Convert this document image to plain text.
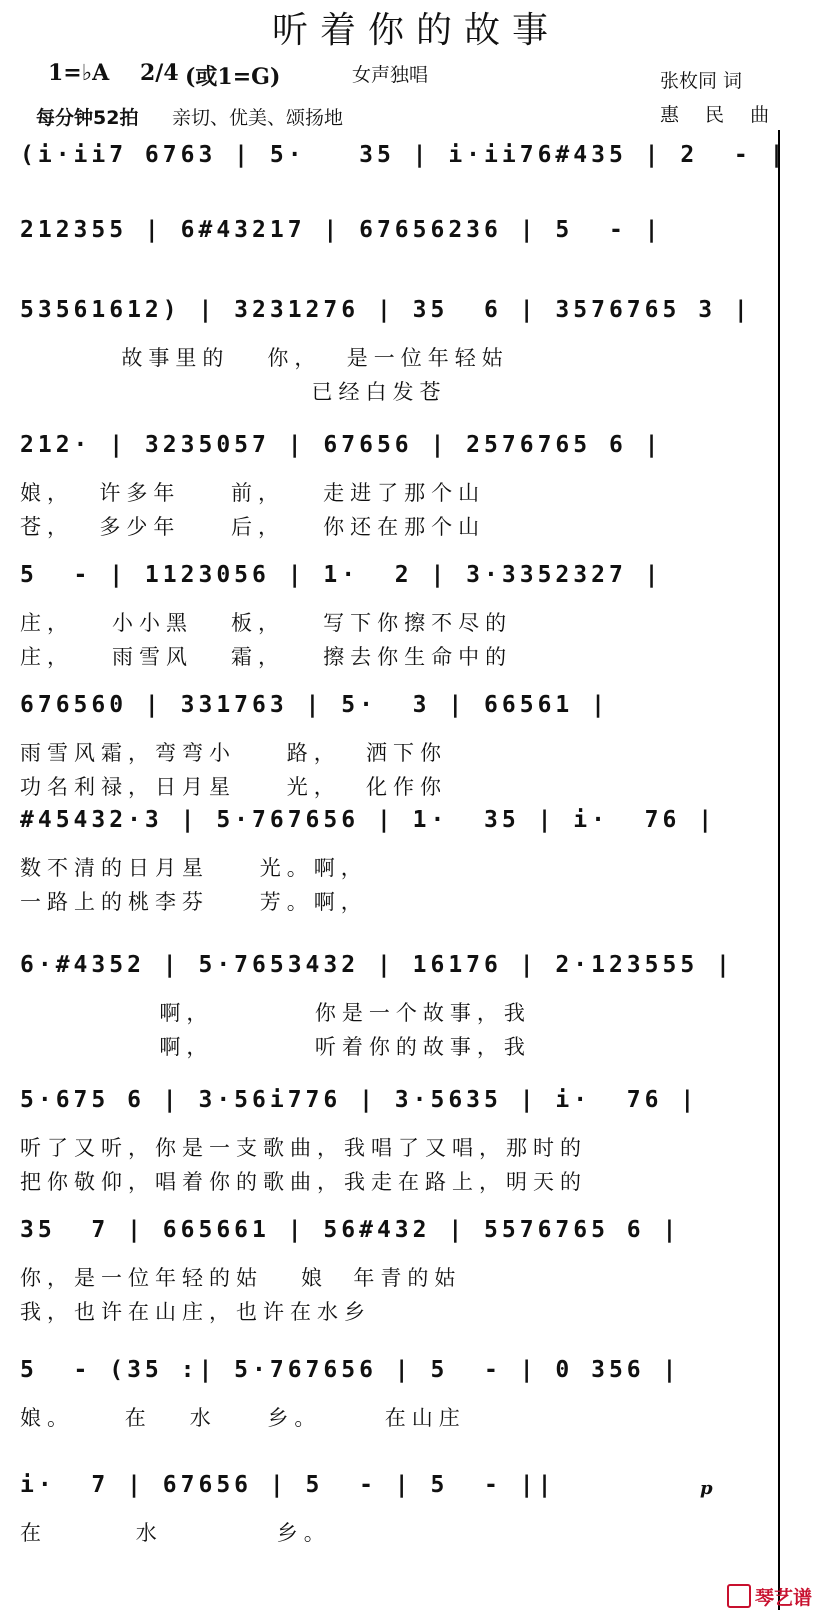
听着你的故事
1=♭A 2/4 (或1=G)	女声独唱	张枚同 词
每分钟52拍 亲切、优美、颂扬地	惠 民 曲
(i·ii7 6763 | 5·   35 | i·ii76#435 | 2  - |
212355 | 6#43217 | 67656236 | 5  - |
53561612) | 3231276 | 35  6 | 3576765 3 |
故事里的   你，  是一位年轻姑
已经白发苍
212· | 3235057 | 67656 | 2576765 6 |
娘，  许多年    前，   走进了那个山
苍，  多少年    后，   你还在那个山
5  - | 1123056 | 1·  2 | 3·3352327 |
庄，   小小黑   板，   写下你擦不尽的
庄，   雨雪风   霜，   擦去你生命中的
676560 | 331763 | 5·  3 | 66561 |
雨雪风霜，弯弯小    路，  洒下你
功名利禄，日月星    光，  化作你
#45432·3 | 5·767656 | 1·  35 | i·  76 |
数不清的日月星    光。啊，
一路上的桃李芬    芳。啊，
6·#4352 | 5·7653432 | 16176 | 2·123555 |
啊，        你是一个故事，我
啊，        听着你的故事，我
5·675 6 | 3·56i776 | 3·5635 | i·  76 |
听了又听，你是一支歌曲，我唱了又唱，那时的
把你敬仰，唱着你的歌曲，我走在路上，明天的
35  7 | 665661 | 56#432 | 5576765 6 |
你，是一位年轻的姑   娘  年青的姑
我，也许在山庄，也许在水乡
5  - (35 :| 5·767656 | 5  - | 0 356 |
娘。    在   水    乡。     在山庄
i·  7 | 67656 | 5  - | 5  - ||
在       水         乡。
琴艺谱
p
